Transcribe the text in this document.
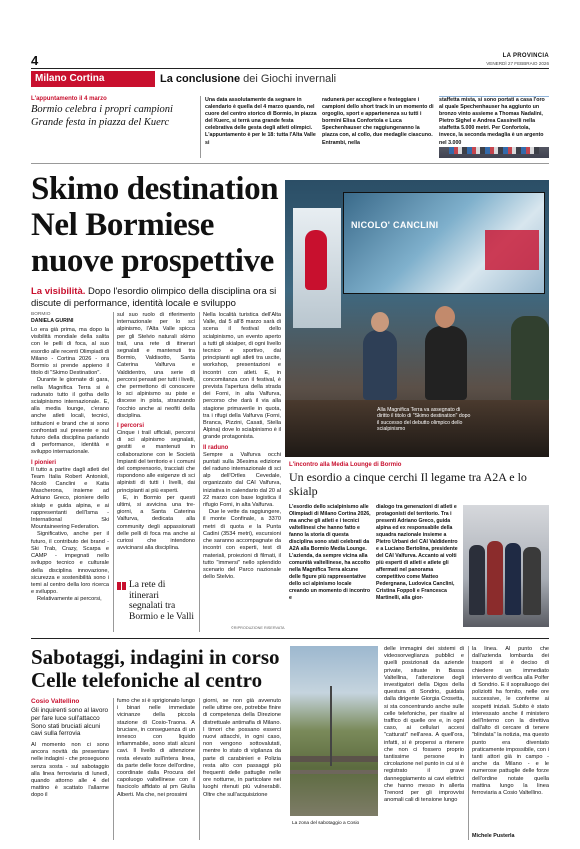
4	LA PROVINCIA
VENERDÌ 27 FEBBRAIO 2026
Milano Cortina	La conclusione dei Giochi invernali
L'appuntamento il 4 marzo
Bormio celebra i propri campioni Grande festa in piazza del Kuerc
Una data assolutamente da segnare in calendario è quella del 4 marzo quando, nel cuore del centro storico di Bormio, in piazza del Kuerc, si terrà una grande festa celebrativa delle gesta degli atleti olimpici. L'appuntamento è per le 18: tutta l'Alta Valle si
radunerà per accogliere e festeggiare i campioni dello short track in un momento di orgoglio, sport e appartenenza su tutti i bormini Elisa Confortola e Luca Spechenhauser che raggiungeranno la piazza con, al collo, due medaglie ciascuno. Entrambi, nella
staffetta mista, si sono portati a casa l'oro al quale Spechenhauser ha aggiunto un bronzo vinto assieme a Thomas Nadalini, Pietro Sighel e Andrea Cassinelli nella staffetta 5.000 metri. Per Confortola, invece, la seconda medaglia è un argento nel 3.000
Skimo destination
Nel Bormiese
nuove prospettive
La visibilità. Dopo l'esordio olimpico della disciplina ora si discute di performance, identità locale e sviluppo
NICOLO' CANCLINI
Alla Magnifica Terra va assegnato di diritto il titolo di "Skimo destination" dopo il successo del debutto olimpico dello scialpinismo
BORMIO
DANIELA GURINI

Lo era già prima, ma dopo la visibilità mondiale della salita con le pelli di foca, al suo esordio alle recenti Olimpiadi di Milano - Cortina 2026 - ora Bormio si prende appieno il titolo di "Skimo Destination".

Durante le giornate di gara, nella Magnifica Terra si è radunato tutto il gotha dello scialpinismo internazionale. E, alla media lounge, c'erano anche atleti locali, tecnici, istituzioni e brand che si sono confrontati sul presente e sul futuro della disciplina parlando di performance, identità e sviluppo internazionale.

I pionieri

Il tutto a partire dagli atleti del Team Italia Robert Antonioli, Nicolò Canclini e Katia Mascherona, insieme ad Adriano Greco, pioniere dello skialp e guida alpina, e ai rappresentanti dell'Isma - International Ski Mountaineering Federation.

Significativo, anche per il futuro, il contributo dei brand - Ski Trab, Crazy, Scarpa e CAMP - impegnati nello sviluppo tecnico e culturale della disciplina innovazione, sicurezza e sostenibilità sono i temi al centro della loro ricerca e sviluppo.

Relativamente ai percorsi,

sul suo ruolo di riferimento internazionale per lo sci alpinismo, l'Alta Valle spicca per gli Stelvio naturali skimo trail, una rete di itinerari segnalati e mantenuti tra Bormio, Valdisotto, Santa Caterina Valfurva e Valdidentro, una serie di percorsi pensati per tutti i livelli, che permettono di conoscere lo sci alpinismo su piste e discese in pista, stranzando l'occhio anche ai neofiti della disciplina.

I percorsi

Cinque i trail ufficiali, percorsi di sci alpinismo segnalati, gestiti e mantenuti in collaborazione con le Società Impianti del territorio e i comuni del comprensorio, tracciati che rispondono alle esigenze di sci alpinisti di tutti i livelli, dai principianti ai più esperti.

E, in Bormio per questi ultimi, si avvicina una tre-giorni, a Santa Caterina Valfurva, dedicata alla community degli appassionati delle pelli di foca ma anche ai curiosi che intendono avvicinarsi alla disciplina.

La rete di itinerari segnalati tra Bormio e le Valli

Nella località turistica dell'Alta Valle, dal 5 all'8 marzo sarà di scena il festival dello scialpinismo, un evento aperto a tutti gli skialper, di ogni livello tecnico e sportivo, dai principianti agli atleti tra uscite, workshop, presentazioni e incontri con atleti. E, in concomitanza con il festival, è prevista l'apertura della strada dei Forni, in alta Valfurva, percorso che darà il via alla stagione primaverile in quota, tra i rifugi della Valfurva (Forni, Branca, Pizzini, Casati, Stella Alpina) dove lo scialpinismo è il grande protagonista.

Il raduno

Sempre a Valfurva occhi puntati sulla 36esima edizione del raduno internazionale di sci alp dell'Ortles Cevedale, organizzato dal CAI Valfurva, iniziativa in calendario dal 20 al 22 marzo con base logistica il rifugio Forni, in alta Valfurva.

Due le vette da raggiungere, il monte Confinale, a 3370 metri di quota e la Punta Cadini (3534 metri), escursioni che saranno accompagnate da incontri con esperti, test di materiali, proiezioni di filmati, il tutto "immersi" nello splendido scenario del Parco nazionale dello Stelvio.

©RIPRODUZIONE RISERVATA
L'incontro alla Media Lounge di Bormio
Un esordio a cinque cerchi Il legame tra A2A e lo skialp
L'esordio dello scialpinismo alle Olimpiadi di Milano Cortina 2026, ma anche gli atleti e i tecnici valtellinesi che hanno fatto e fanno la storia di questa disciplina sono stati celebrati da A2A alla Bormio Media Lounge. L'azienda, da sempre vicina alla comunità valtellinese, ha accolto nella Magnifica Terra alcune delle figure più rappresentative dello sci alpinismo locale creando un momento di incontro e
dialogo tra generazioni di atleti e protagonisti del territorio. Tra i presenti Adriano Greco, guida alpina ed ex responsabile della squadra nazionale insieme a Pietro Urbani del CAI Valdidentro e a Luciano Bertolina, presidente del CAI Valfurva. Accanto ai volti più esperti di atleti e atlete gli affermati nel panorama competitivo come Matteo Pedergnana, Ludovica Canclini, Cristina Foppoli e Francesca Martinelli, alla gior-
Sabotaggi, indagini in corso
Celle telefoniche al centro
Cosio Valtellino
Gli inquirenti sono al lavoro per fare luce sull'attacco Sono stati bruciati alcuni cavi sulla ferrovia
Al momento non ci sono ancora novità da presentare nelle indagini - che proseguono senza sosta - sul sabotaggio alla linea ferroviaria di lunedì, quando attorno alle 4 del mattino è scattato l'allarme dopo il
fumo che si è sprigionato lungo i binari nelle immediate vicinanze della piccola stazione di Cosio-Traona. A bruciare, in conseguenza di un innesco con liquido infiammabile, sono stati alcuni cavi. Il livello di attenzione resta elevato sull'intera linea, da parte delle forze dell'ordine, coordinate dalla Procura del capoluogo valtellinese con il fascicolo affidato al pm Giulia Alberti. Ma che, nei prossimi
giorni, se non già avvenuto nelle ultime ore, potrebbe finire di competenza della Direzione distrettuale antimafia di Milano. I timori che possano esserci nuovi attacchi, in ogni caso, non vengono sottovalutati, mentre lo stato di vigilanza da parte di carabinieri e Polizia resta alto con passaggi più frequenti delle pattuglie nelle ore notturne, in particolare nei luoghi ritenuti più vulnerabili. Oltre che sull'acquisizione
La zona del sabotaggio a Cosio
delle immagini dei sistemi di videosorveglianza pubblici e quelli posizionati da aziende private, situate in Bassa Valtellina, l'attenzione degli investigatori della Digos della questura di Sondrio, guidata dalla dirigente Giorgia Crosetta, si sta concentrando anche sulle celle telefoniche, per risalire al traffico di quelle ore e, in ogni caso, ai cellulari accesi "catturati" nell'area. A quell'ora, infatti, si è propensi a ritenere che non ci fossero proprio tantissime persone in circolazione nel punto in cui si è registrato il grave danneggiamento ai cavi elettrici che hanno messo in allerta Trenord per gli improvvisi anomali cali di tensione lungo
la linea. Al punto che dall'azienda lombarda dei trasporti si è deciso di chiedere un immediato intervento di verifica alla Polfer di Sondrio. E il sopralluogo dei poliziotti ha fornito, nelle ore successive, le conferme ai sospetti iniziali. Subito è stato interessato anche il ministero dell'Interno con la direttiva dall'alto di cercare di tenere "blindata" la notizia, ma questo punto era diventato praticamente impossibile, con i tanti attori già in campo - anche da Milano - e le numerose pattuglie delle forze dell'ordine notate quella mattina lungo la linea ferroviaria a Cosio Valtellino.
Michele Pusterla
